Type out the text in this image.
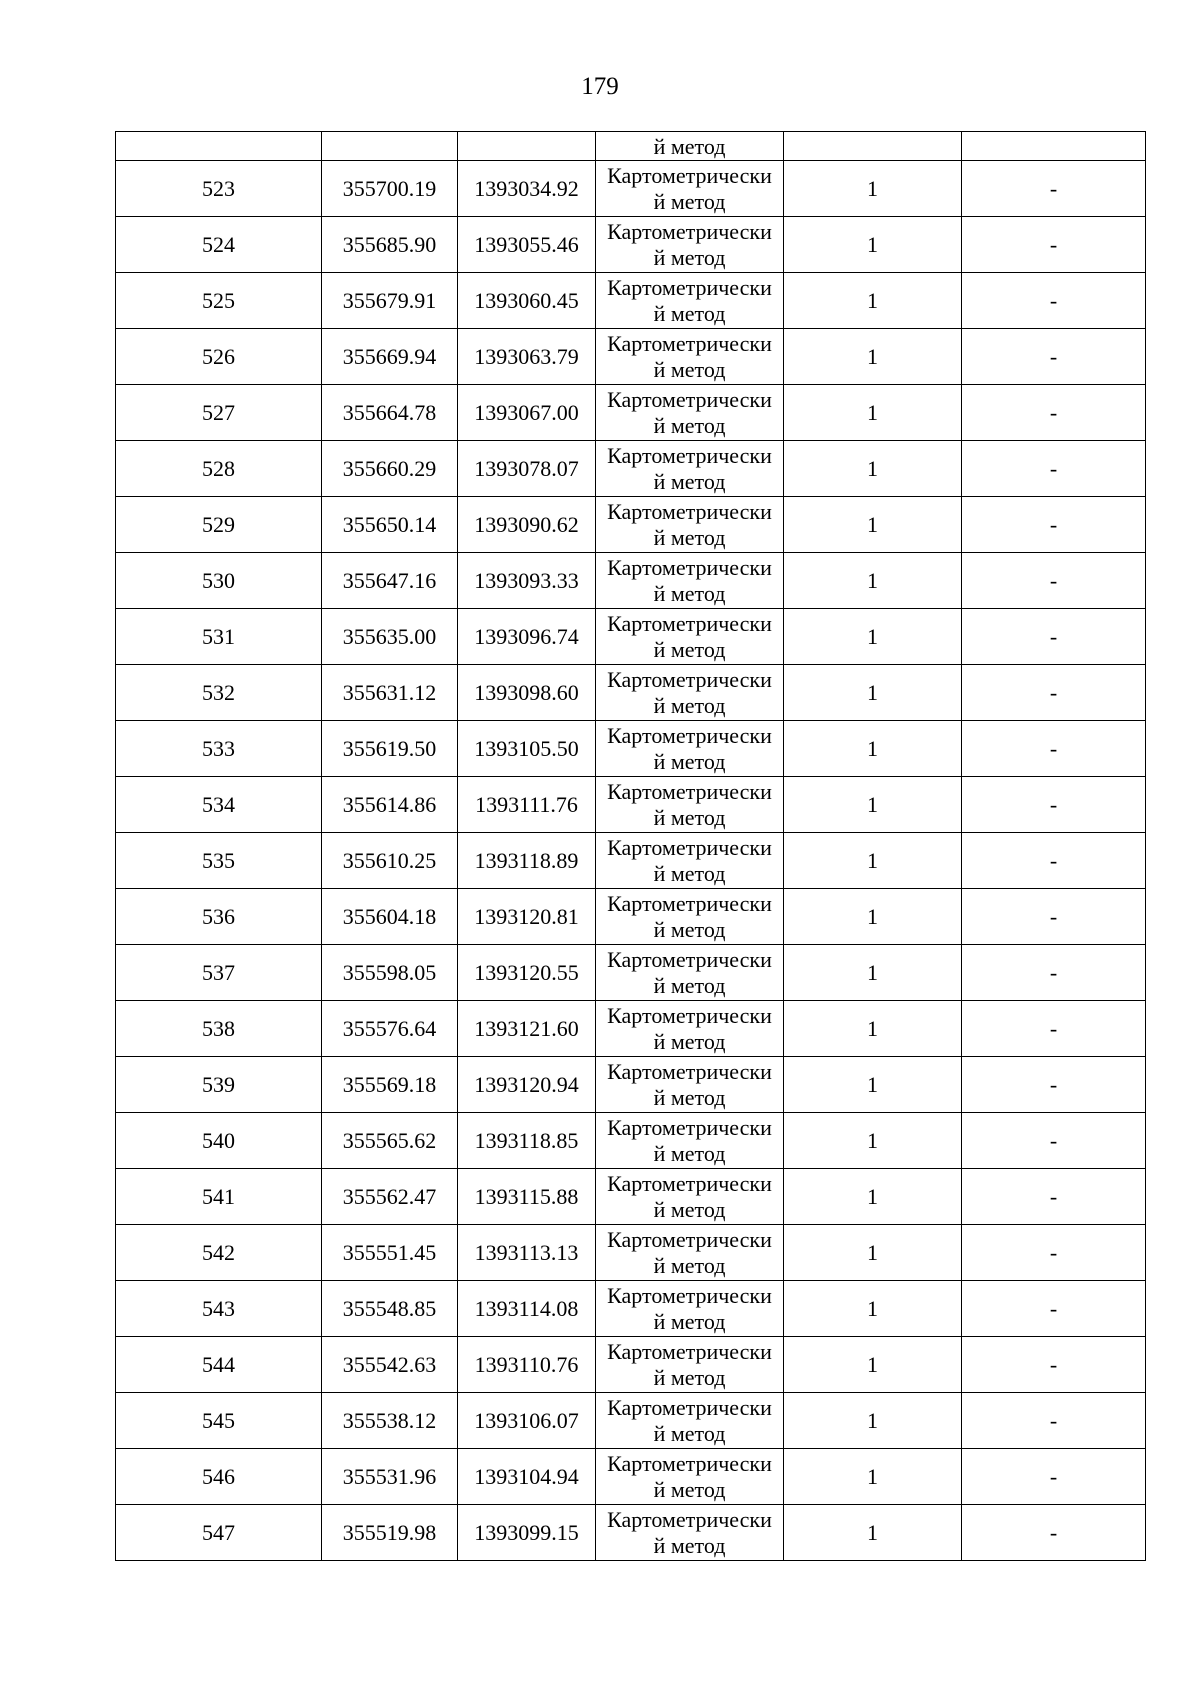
179

			й метод		

523	355700.19	1393034.92	Картометрически
й метод	1	-
524	355685.90	1393055.46	Картометрически
й метод	1	-
525	355679.91	1393060.45	Картометрически
й метод	1	-
526	355669.94	1393063.79	Картометрически
й метод	1	-
527	355664.78	1393067.00	Картометрически
й метод	1	-
528	355660.29	1393078.07	Картометрически
й метод	1	-
529	355650.14	1393090.62	Картометрически
й метод	1	-
530	355647.16	1393093.33	Картометрически
й метод	1	-
531	355635.00	1393096.74	Картометрически
й метод	1	-
532	355631.12	1393098.60	Картометрически
й метод	1	-
533	355619.50	1393105.50	Картометрически
й метод	1	-
534	355614.86	1393111.76	Картометрически
й метод	1	-
535	355610.25	1393118.89	Картометрически
й метод	1	-
536	355604.18	1393120.81	Картометрически
й метод	1	-
537	355598.05	1393120.55	Картометрически
й метод	1	-
538	355576.64	1393121.60	Картометрически
й метод	1	-
539	355569.18	1393120.94	Картометрически
й метод	1	-
540	355565.62	1393118.85	Картометрически
й метод	1	-
541	355562.47	1393115.88	Картометрически
й метод	1	-
542	355551.45	1393113.13	Картометрически
й метод	1	-
543	355548.85	1393114.08	Картометрически
й метод	1	-
544	355542.63	1393110.76	Картометрически
й метод	1	-
545	355538.12	1393106.07	Картометрически
й метод	1	-
546	355531.96	1393104.94	Картометрически
й метод	1	-
547	355519.98	1393099.15	Картометрически
й метод	1	-
